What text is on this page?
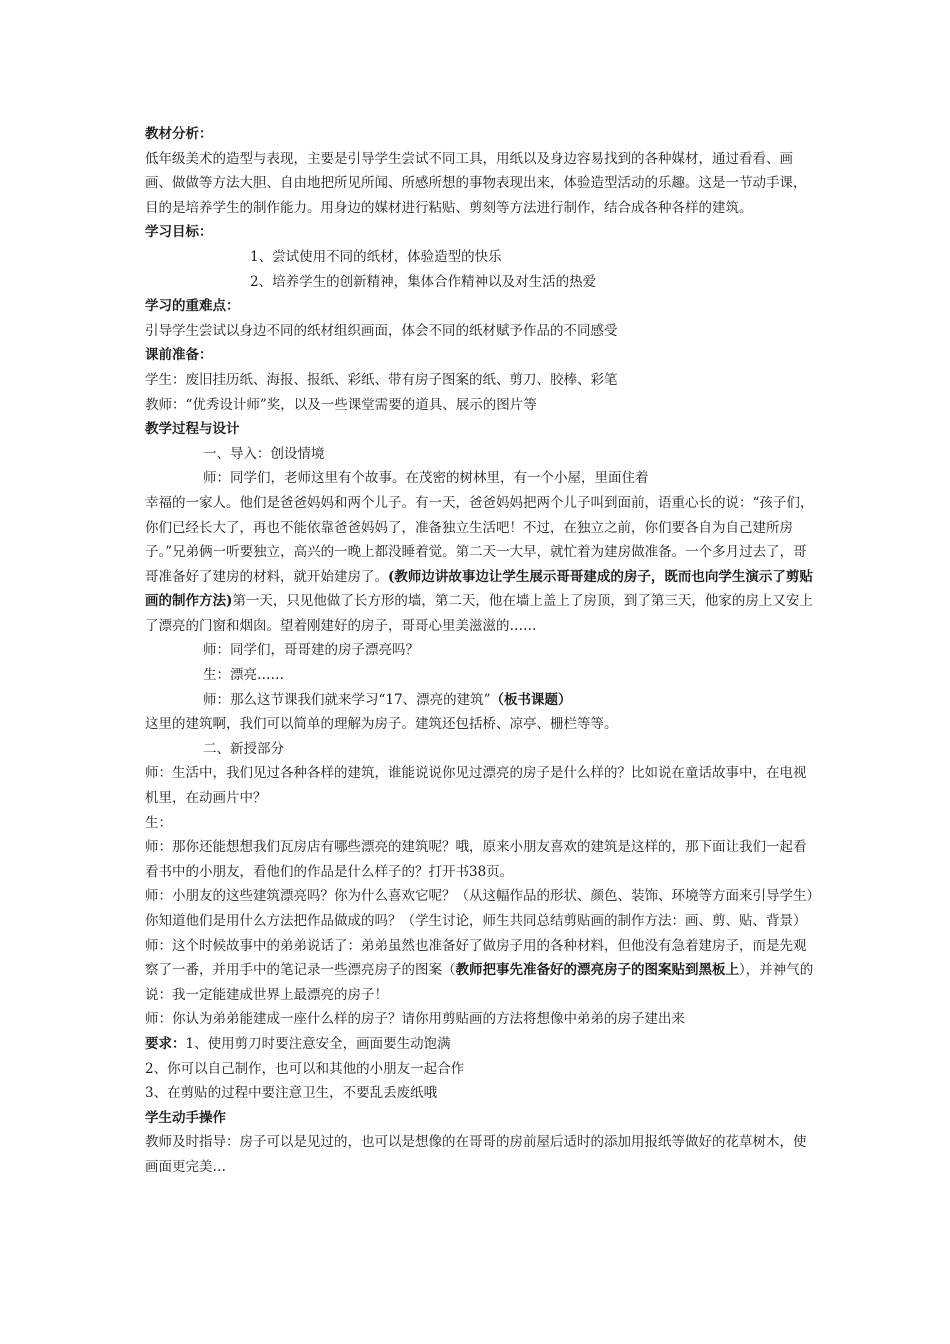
教材分析：

低年级美术的造型与表现，主要是引导学生尝试不同工具，用纸以及身边容易找到的各种媒材，通过看看、画画、做做等方法大胆、自由地把所见所闻、所感所想的事物表现出来，体验造型活动的乐趣。这是一节动手课，目的是培养学生的制作能力。用身边的媒材进行粘贴、剪刻等方法进行制作，结合成各种各样的建筑。

学习目标：

1、尝试使用不同的纸材，体验造型的快乐

2、培养学生的创新精神，集体合作精神以及对生活的热爱

学习的重难点：

引导学生尝试以身边不同的纸材组织画面，体会不同的纸材赋予作品的不同感受

课前准备：

学生：废旧挂历纸、海报、报纸、彩纸、带有房子图案的纸、剪刀、胶棒、彩笔

教师：“优秀设计师”奖，以及一些课堂需要的道具、展示的图片等

教学过程与设计

一、导入：创设情境

师：同学们，老师这里有个故事。在茂密的树林里，有一个小屋，里面住着

幸福的一家人。他们是爸爸妈妈和两个儿子。有一天，爸爸妈妈把两个儿子叫到面前，语重心长的说：“孩子们，你们已经长大了，再也不能依靠爸爸妈妈了，准备独立生活吧！不过，在独立之前，你们要各自为自己建所房子。”兄弟俩一听要独立，高兴的一晚上都没睡着觉。第二天一大早，就忙着为建房做准备。一个多月过去了，哥哥准备好了建房的材料，就开始建房了。(教师边讲故事边让学生展示哥哥建成的房子，既而也向学生演示了剪贴画的制作方法)第一天，只见他做了长方形的墙，第二天，他在墙上盖上了房顶，到了第三天，他家的房上又安上了漂亮的门窗和烟囱。望着刚建好的房子，哥哥心里美滋滋的……

师：同学们，哥哥建的房子漂亮吗？

生：漂亮……

师：那么这节课我们就来学习“17、漂亮的建筑”（板书课题）

这里的建筑啊，我们可以简单的理解为房子。建筑还包括桥、凉亭、栅栏等等。

二、新授部分

师：生活中，我们见过各种各样的建筑，谁能说说你见过漂亮的房子是什么样的？比如说在童话故事中，在电视机里，在动画片中？

生：

师：那你还能想想我们瓦房店有哪些漂亮的建筑呢？哦，原来小朋友喜欢的建筑是这样的，那下面让我们一起看看书中的小朋友，看他们的作品是什么样子的？打开书38页。

师：小朋友的这些建筑漂亮吗？你为什么喜欢它呢？（从这幅作品的形状、颜色、装饰、环境等方面来引导学生）你知道他们是用什么方法把作品做成的吗？（学生讨论，师生共同总结剪贴画的制作方法：画、剪、贴、背景）

师：这个时候故事中的弟弟说话了：弟弟虽然也准备好了做房子用的各种材料，但他没有急着建房子，而是先观察了一番，并用手中的笔记录一些漂亮房子的图案（教师把事先准备好的漂亮房子的图案贴到黑板上），并神气的说：我一定能建成世界上最漂亮的房子！

师：你认为弟弟能建成一座什么样的房子？请你用剪贴画的方法将想像中弟弟的房子建出来

要求：1、使用剪刀时要注意安全，画面要生动饱满

2、你可以自己制作，也可以和其他的小朋友一起合作

3、在剪贴的过程中要注意卫生，不要乱丢废纸哦

学生动手操作

教师及时指导：房子可以是见过的，也可以是想像的在哥哥的房前屋后适时的添加用报纸等做好的花草树木，使画面更完美…
